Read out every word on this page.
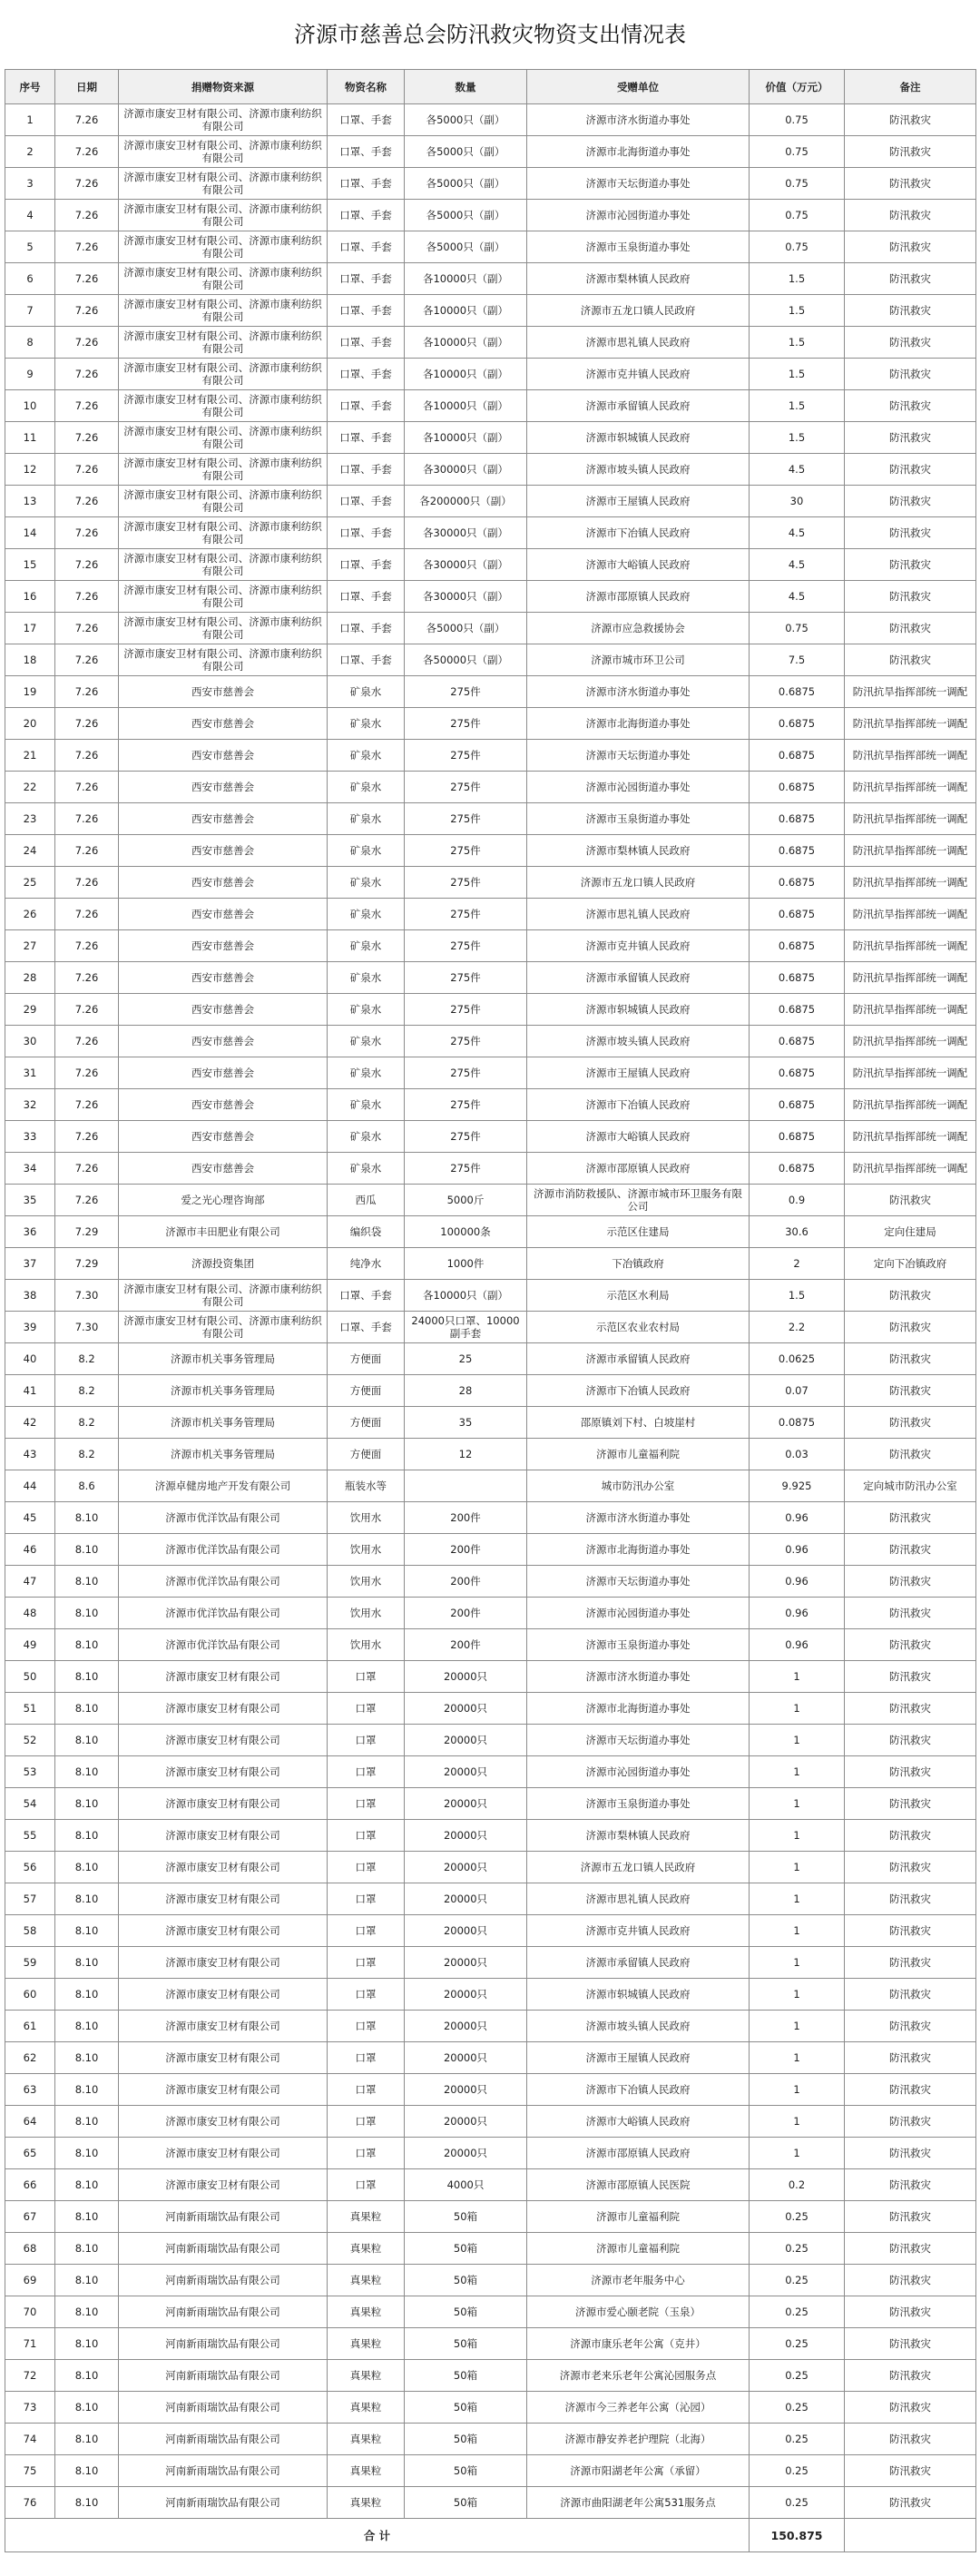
济源市慈善总会防汛救灾物资支出情况表
序号	日期	捐赠物资来源	物资名称	数量	受赠单位	价值（万元）	备注
1	7.26	济源市康安卫材有限公司、济源市康利纺织有限公司	口罩、手套	各5000只（副）	济源市济水街道办事处	0.75	防汛救灾
2	7.26	济源市康安卫材有限公司、济源市康利纺织有限公司	口罩、手套	各5000只（副）	济源市北海街道办事处	0.75	防汛救灾
3	7.26	济源市康安卫材有限公司、济源市康利纺织有限公司	口罩、手套	各5000只（副）	济源市天坛街道办事处	0.75	防汛救灾
4	7.26	济源市康安卫材有限公司、济源市康利纺织有限公司	口罩、手套	各5000只（副）	济源市沁园街道办事处	0.75	防汛救灾
5	7.26	济源市康安卫材有限公司、济源市康利纺织有限公司	口罩、手套	各5000只（副）	济源市玉泉街道办事处	0.75	防汛救灾
6	7.26	济源市康安卫材有限公司、济源市康利纺织有限公司	口罩、手套	各10000只（副）	济源市梨林镇人民政府	1.5	防汛救灾
7	7.26	济源市康安卫材有限公司、济源市康利纺织有限公司	口罩、手套	各10000只（副）	济源市五龙口镇人民政府	1.5	防汛救灾
8	7.26	济源市康安卫材有限公司、济源市康利纺织有限公司	口罩、手套	各10000只（副）	济源市思礼镇人民政府	1.5	防汛救灾
9	7.26	济源市康安卫材有限公司、济源市康利纺织有限公司	口罩、手套	各10000只（副）	济源市克井镇人民政府	1.5	防汛救灾
10	7.26	济源市康安卫材有限公司、济源市康利纺织有限公司	口罩、手套	各10000只（副）	济源市承留镇人民政府	1.5	防汛救灾
11	7.26	济源市康安卫材有限公司、济源市康利纺织有限公司	口罩、手套	各10000只（副）	济源市轵城镇人民政府	1.5	防汛救灾
12	7.26	济源市康安卫材有限公司、济源市康利纺织有限公司	口罩、手套	各30000只（副）	济源市坡头镇人民政府	4.5	防汛救灾
13	7.26	济源市康安卫材有限公司、济源市康利纺织有限公司	口罩、手套	各200000只（副）	济源市王屋镇人民政府	30	防汛救灾
14	7.26	济源市康安卫材有限公司、济源市康利纺织有限公司	口罩、手套	各30000只（副）	济源市下冶镇人民政府	4.5	防汛救灾
15	7.26	济源市康安卫材有限公司、济源市康利纺织有限公司	口罩、手套	各30000只（副）	济源市大峪镇人民政府	4.5	防汛救灾
16	7.26	济源市康安卫材有限公司、济源市康利纺织有限公司	口罩、手套	各30000只（副）	济源市邵原镇人民政府	4.5	防汛救灾
17	7.26	济源市康安卫材有限公司、济源市康利纺织有限公司	口罩、手套	各5000只（副）	济源市应急救援协会	0.75	防汛救灾
18	7.26	济源市康安卫材有限公司、济源市康利纺织有限公司	口罩、手套	各50000只（副）	济源市城市环卫公司	7.5	防汛救灾
19	7.26	西安市慈善会	矿泉水	275件	济源市济水街道办事处	0.6875	防汛抗旱指挥部统一调配
20	7.26	西安市慈善会	矿泉水	275件	济源市北海街道办事处	0.6875	防汛抗旱指挥部统一调配
21	7.26	西安市慈善会	矿泉水	275件	济源市天坛街道办事处	0.6875	防汛抗旱指挥部统一调配
22	7.26	西安市慈善会	矿泉水	275件	济源市沁园街道办事处	0.6875	防汛抗旱指挥部统一调配
23	7.26	西安市慈善会	矿泉水	275件	济源市玉泉街道办事处	0.6875	防汛抗旱指挥部统一调配
24	7.26	西安市慈善会	矿泉水	275件	济源市梨林镇人民政府	0.6875	防汛抗旱指挥部统一调配
25	7.26	西安市慈善会	矿泉水	275件	济源市五龙口镇人民政府	0.6875	防汛抗旱指挥部统一调配
26	7.26	西安市慈善会	矿泉水	275件	济源市思礼镇人民政府	0.6875	防汛抗旱指挥部统一调配
27	7.26	西安市慈善会	矿泉水	275件	济源市克井镇人民政府	0.6875	防汛抗旱指挥部统一调配
28	7.26	西安市慈善会	矿泉水	275件	济源市承留镇人民政府	0.6875	防汛抗旱指挥部统一调配
29	7.26	西安市慈善会	矿泉水	275件	济源市轵城镇人民政府	0.6875	防汛抗旱指挥部统一调配
30	7.26	西安市慈善会	矿泉水	275件	济源市坡头镇人民政府	0.6875	防汛抗旱指挥部统一调配
31	7.26	西安市慈善会	矿泉水	275件	济源市王屋镇人民政府	0.6875	防汛抗旱指挥部统一调配
32	7.26	西安市慈善会	矿泉水	275件	济源市下冶镇人民政府	0.6875	防汛抗旱指挥部统一调配
33	7.26	西安市慈善会	矿泉水	275件	济源市大峪镇人民政府	0.6875	防汛抗旱指挥部统一调配
34	7.26	西安市慈善会	矿泉水	275件	济源市邵原镇人民政府	0.6875	防汛抗旱指挥部统一调配
35	7.26	爱之光心理咨询部	西瓜	5000斤	济源市消防救援队、济源市城市环卫服务有限公司	0.9	防汛救灾
36	7.29	济源市丰田肥业有限公司	编织袋	100000条	示范区住建局	30.6	定向住建局
37	7.29	济源投资集团	纯净水	1000件	下冶镇政府	2	定向下冶镇政府
38	7.30	济源市康安卫材有限公司、济源市康利纺织有限公司	口罩、手套	各10000只（副）	示范区水利局	1.5	防汛救灾
39	7.30	济源市康安卫材有限公司、济源市康利纺织有限公司	口罩、手套	24000只口罩、10000副手套	示范区农业农村局	2.2	防汛救灾
40	8.2	济源市机关事务管理局	方便面	25	济源市承留镇人民政府	0.0625	防汛救灾
41	8.2	济源市机关事务管理局	方便面	28	济源市下冶镇人民政府	0.07	防汛救灾
42	8.2	济源市机关事务管理局	方便面	35	邵原镇刘下村、白坡崖村	0.0875	防汛救灾
43	8.2	济源市机关事务管理局	方便面	12	济源市儿童福利院	0.03	防汛救灾
44	8.6	济源卓健房地产开发有限公司	瓶装水等		城市防汛办公室	9.925	定向城市防汛办公室
45	8.10	济源市优洋饮品有限公司	饮用水	200件	济源市济水街道办事处	0.96	防汛救灾
46	8.10	济源市优洋饮品有限公司	饮用水	200件	济源市北海街道办事处	0.96	防汛救灾
47	8.10	济源市优洋饮品有限公司	饮用水	200件	济源市天坛街道办事处	0.96	防汛救灾
48	8.10	济源市优洋饮品有限公司	饮用水	200件	济源市沁园街道办事处	0.96	防汛救灾
49	8.10	济源市优洋饮品有限公司	饮用水	200件	济源市玉泉街道办事处	0.96	防汛救灾
50	8.10	济源市康安卫材有限公司	口罩	20000只	济源市济水街道办事处	1	防汛救灾
51	8.10	济源市康安卫材有限公司	口罩	20000只	济源市北海街道办事处	1	防汛救灾
52	8.10	济源市康安卫材有限公司	口罩	20000只	济源市天坛街道办事处	1	防汛救灾
53	8.10	济源市康安卫材有限公司	口罩	20000只	济源市沁园街道办事处	1	防汛救灾
54	8.10	济源市康安卫材有限公司	口罩	20000只	济源市玉泉街道办事处	1	防汛救灾
55	8.10	济源市康安卫材有限公司	口罩	20000只	济源市梨林镇人民政府	1	防汛救灾
56	8.10	济源市康安卫材有限公司	口罩	20000只	济源市五龙口镇人民政府	1	防汛救灾
57	8.10	济源市康安卫材有限公司	口罩	20000只	济源市思礼镇人民政府	1	防汛救灾
58	8.10	济源市康安卫材有限公司	口罩	20000只	济源市克井镇人民政府	1	防汛救灾
59	8.10	济源市康安卫材有限公司	口罩	20000只	济源市承留镇人民政府	1	防汛救灾
60	8.10	济源市康安卫材有限公司	口罩	20000只	济源市轵城镇人民政府	1	防汛救灾
61	8.10	济源市康安卫材有限公司	口罩	20000只	济源市坡头镇人民政府	1	防汛救灾
62	8.10	济源市康安卫材有限公司	口罩	20000只	济源市王屋镇人民政府	1	防汛救灾
63	8.10	济源市康安卫材有限公司	口罩	20000只	济源市下冶镇人民政府	1	防汛救灾
64	8.10	济源市康安卫材有限公司	口罩	20000只	济源市大峪镇人民政府	1	防汛救灾
65	8.10	济源市康安卫材有限公司	口罩	20000只	济源市邵原镇人民政府	1	防汛救灾
66	8.10	济源市康安卫材有限公司	口罩	4000只	济源市邵原镇人民医院	0.2	防汛救灾
67	8.10	河南新雨瑞饮品有限公司	真果粒	50箱	济源市儿童福利院	0.25	防汛救灾
68	8.10	河南新雨瑞饮品有限公司	真果粒	50箱	济源市儿童福利院	0.25	防汛救灾
69	8.10	河南新雨瑞饮品有限公司	真果粒	50箱	济源市老年服务中心	0.25	防汛救灾
70	8.10	河南新雨瑞饮品有限公司	真果粒	50箱	济源市爱心颐老院（玉泉）	0.25	防汛救灾
71	8.10	河南新雨瑞饮品有限公司	真果粒	50箱	济源市康乐老年公寓（克井）	0.25	防汛救灾
72	8.10	河南新雨瑞饮品有限公司	真果粒	50箱	济源市老来乐老年公寓沁园服务点	0.25	防汛救灾
73	8.10	河南新雨瑞饮品有限公司	真果粒	50箱	济源市今三养老年公寓（沁园）	0.25	防汛救灾
74	8.10	河南新雨瑞饮品有限公司	真果粒	50箱	济源市静安养老护理院（北海）	0.25	防汛救灾
75	8.10	河南新雨瑞饮品有限公司	真果粒	50箱	济源市阳湖老年公寓（承留）	0.25	防汛救灾
76	8.10	河南新雨瑞饮品有限公司	真果粒	50箱	济源市曲阳湖老年公寓531服务点	0.25	防汛救灾
合 计						150.875	
